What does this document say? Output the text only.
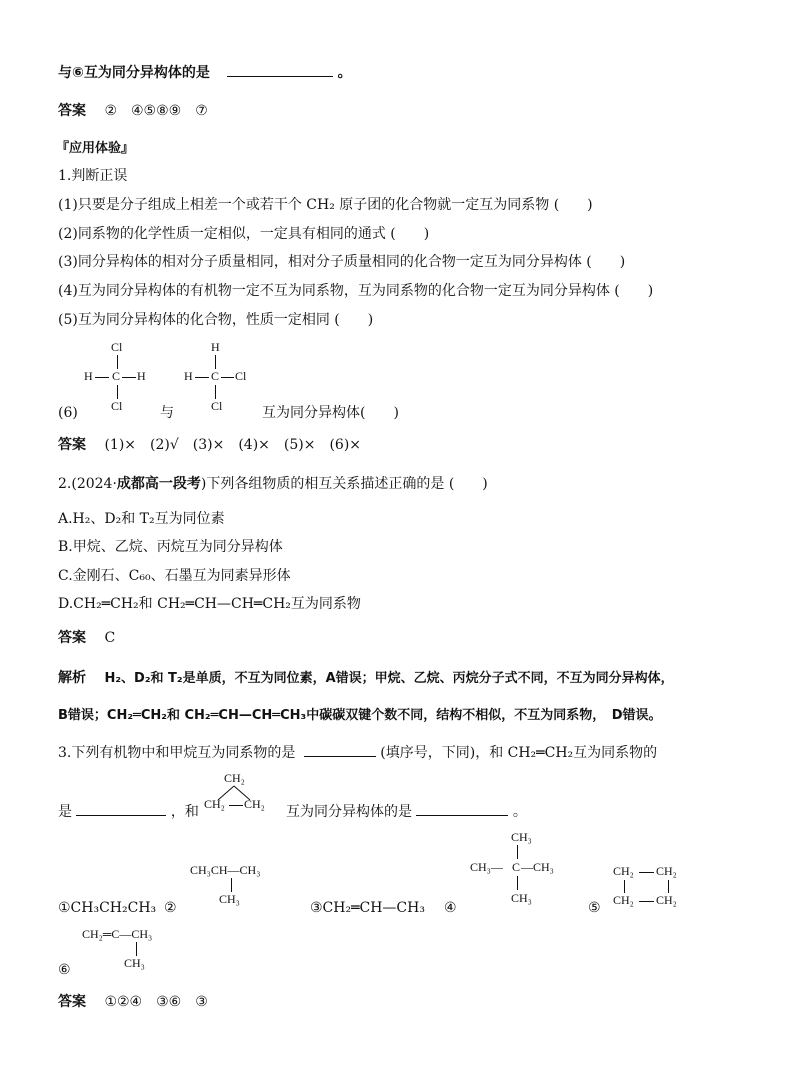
与⑥互为同分异构体的是	。
答案 ②　④⑤⑧⑨　⑦
『应用体验』
1.判断正误
(1)只要是分子组成上相差一个或若干个 CH₂ 原子团的化合物就一定互为同系物 (　　)
(2)同系物的化学性质一定相似，一定具有相同的通式 (　　)
(3)同分异构体的相对分子质量相同，相对分子质量相同的化合物一定互为同分异构体 (　　)
(4)互为同分异构体的有机物一定不互为同系物，互为同系物的化合物一定互为同分异构体 (　　)
(5)互为同分异构体的化合物，性质一定相同 (　　)
Cl
H C H
Cl
H
H C Cl
Cl
(6)	与	互为同分异构体(　　)
答案 (1)×　(2)√　(3)×　(4)×　(5)×　(6)×
2.(2024·成都高一段考)下列各组物质的相互关系描述正确的是 (　　)
A.H₂、D₂和 T₂互为同位素
B.甲烷、乙烷、丙烷互为同分异构体
C.金刚石、C₆₀、石墨互为同素异形体
D.CH₂═CH₂和 CH₂═CH—CH═CH₂互为同系物
答案 C
解析 H₂、D₂和 T₂是单质，不互为同位素，A错误；甲烷、乙烷、丙烷分子式不同，不互为同分异构体，
B错误；CH₂═CH₂和 CH₂═CH—CH═CH₃中碳碳双键个数不同，结构不相似，不互为同系物，　D错误。
3.下列有机物中和甲烷互为同系物的是	(填序号，下同)，和 CH₂═CH₂互为同系物的
CH₂
CH₂ CH₂
是	，和	互为同分异构体的是	。
①CH₃CH₂CH₃ ②
CH₃CH—CH₃
CH₃
③CH₂═CH—CH₃ ④
CH₃
CH₃— C —CH₃
CH₃
⑤
CH₂ CH₂
CH₂ CH₂
CH₂═C—CH₃
CH₃
⑥
答案 ①②④　③⑥　③
